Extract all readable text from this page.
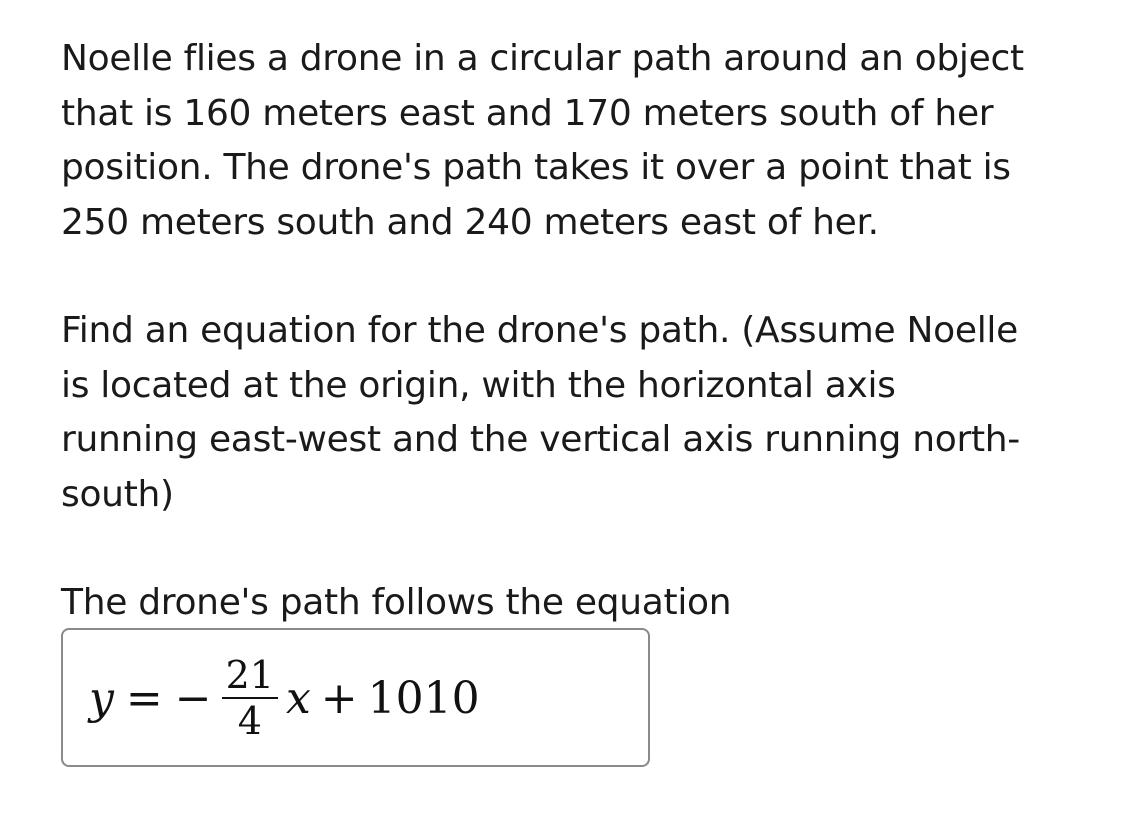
Noelle flies a drone in a circular path around an object
that is 160 meters east and 170 meters south of her
position. The drone's path takes it over a point that is
250 meters south and 240 meters east of her.

Find an equation for the drone's path. (Assume Noelle
is located at the origin, with the horizontal axis
running east-west and the vertical axis running north-
south)

The drone's path follows the equation

y = − $\frac{21}{4}$ x + 1010
